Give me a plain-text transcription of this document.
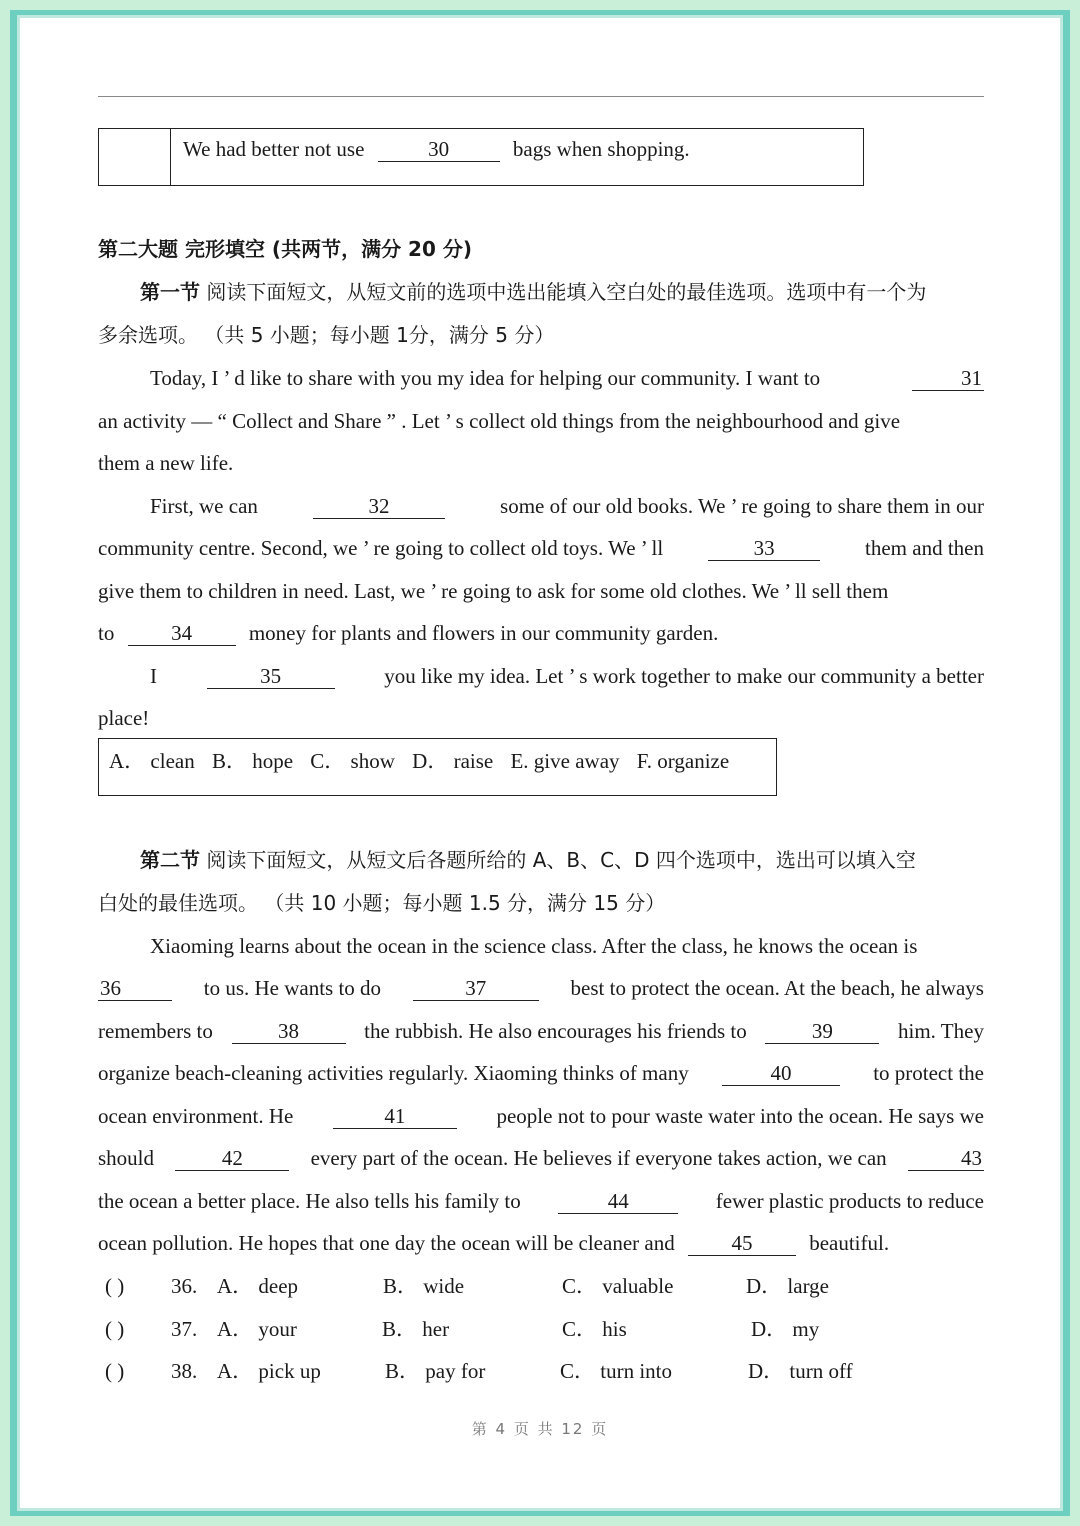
We had better not use	30	bags when shopping.
第二大题 完形填空 (共两节，满分 20 分)
第一节 阅读下面短文，从短文前的选项中选出能填入空白处的最佳选项。选项中有一个为
多余选项。 （共 5 小题；每小题 1分，满分 5 分）
Today, I ’ d like to share with you my idea for helping our community. I want to	31
an activity — “ Collect and Share ” . Let ’ s collect old things from the neighbourhood and give
them a new life.
First, we can	32	some of our old books. We ’ re going to share them in our
community centre. Second, we ’ re going to collect old toys. We ’ ll	33	them and then
give them to children in need. Last, we ’ re going to ask for some old clothes. We ’ ll sell them
to	34	money for plants and flowers in our community garden.
I	35	you like my idea. Let ’ s work together to make our community a better
place!
A． clean B． hope C． show D． raise E. give away F. organize
第二节 阅读下面短文，从短文后各题所给的 A、B、C、D 四个选项中，选出可以填入空
白处的最佳选项。 （共 10 小题；每小题 1.5 分，满分 15 分）
Xiaoming learns about the ocean in the science class. After the class, he knows the ocean is
36	to us. He wants to do	37	best to protect the ocean. At the beach, he always
remembers to	38	the rubbish. He also encourages his friends to	39	him. They
organize beach-cleaning activities regularly. Xiaoming thinks of many	40	to protect the
ocean environment. He	41	people not to pour waste water into the ocean. He says we
should	42	every part of the ocean. He believes if everyone takes action, we can	43
the ocean a better place. He also tells his family to	44	fewer plastic products to reduce
ocean pollution. He hopes that one day the ocean will be cleaner and	45	beautiful.
( ) 36. A． deep	B． wide	C． valuable	D． large
( ) 37. A． your	B． her	C． his	D． my
( ) 38. A． pick up	B． pay for	C． turn into	D． turn off
第 4 页 共 12 页
